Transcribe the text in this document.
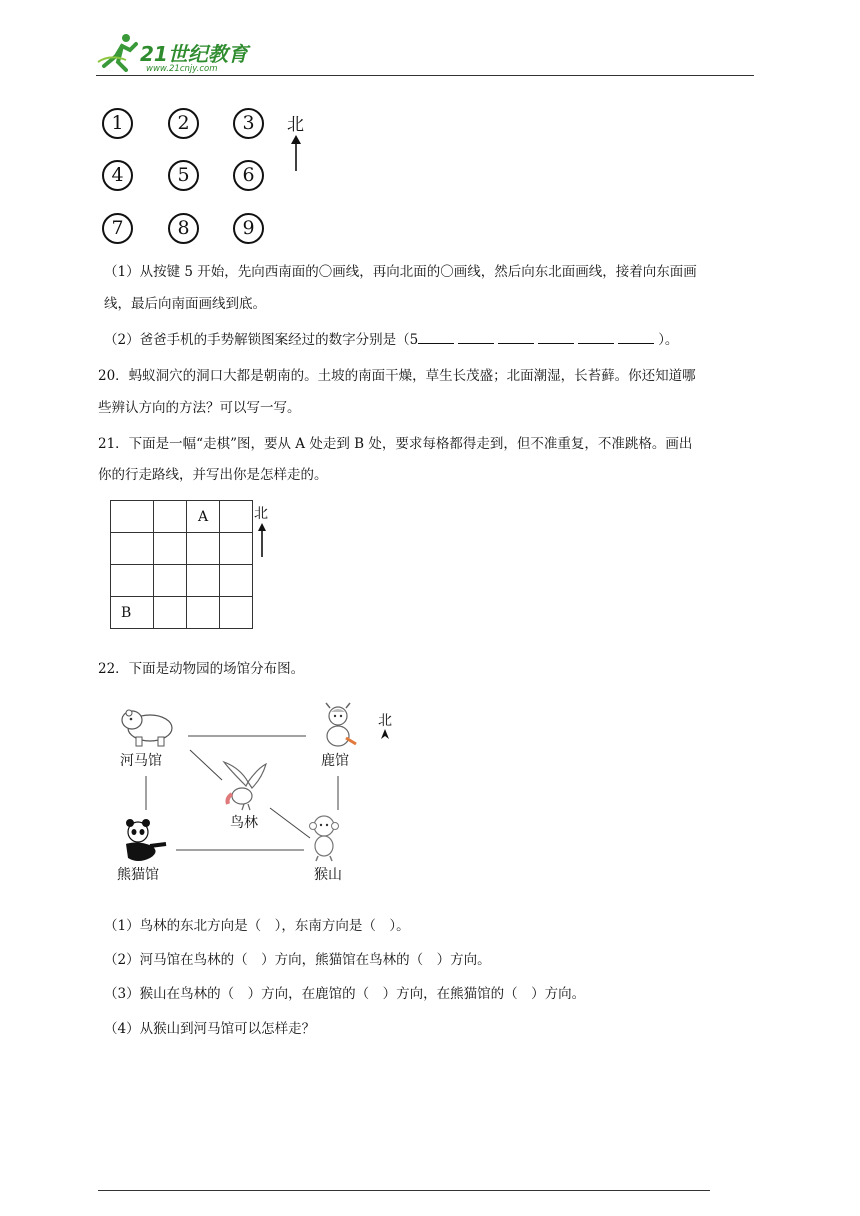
21世纪教育
www.21cnjy.com
1	2	3
4	5	6
7	8	9
北
（1）从按键 5 开始，先向西南面的〇画线，再向北面的〇画线，然后向东北面画线，接着向东面画
线，最后向南面画线到底。
（2）爸爸手机的手势解锁图案经过的数字分别是（5	）。
20．蚂蚁洞穴的洞口大都是朝南的。土坡的南面干燥，草生长茂盛；北面潮湿，长苔藓。你还知道哪
些辨认方向的方法？可以写一写。
21．下面是一幅“走棋”图，要从 A 处走到 B 处，要求每格都得走到，但不准重复，不准跳格。画出
你的行走路线，并写出你是怎样走的。
		A	

B			
北
22．下面是动物园的场馆分布图。
河马馆	鹿馆
北
鸟林
熊猫馆	猴山
（1）鸟林的东北方向是（　），东南方向是（　）。
（2）河马馆在鸟林的（　）方向，熊猫馆在鸟林的（　）方向。
（3）猴山在鸟林的（　）方向，在鹿馆的（　）方向，在熊猫馆的（　）方向。
（4）从猴山到河马馆可以怎样走？
